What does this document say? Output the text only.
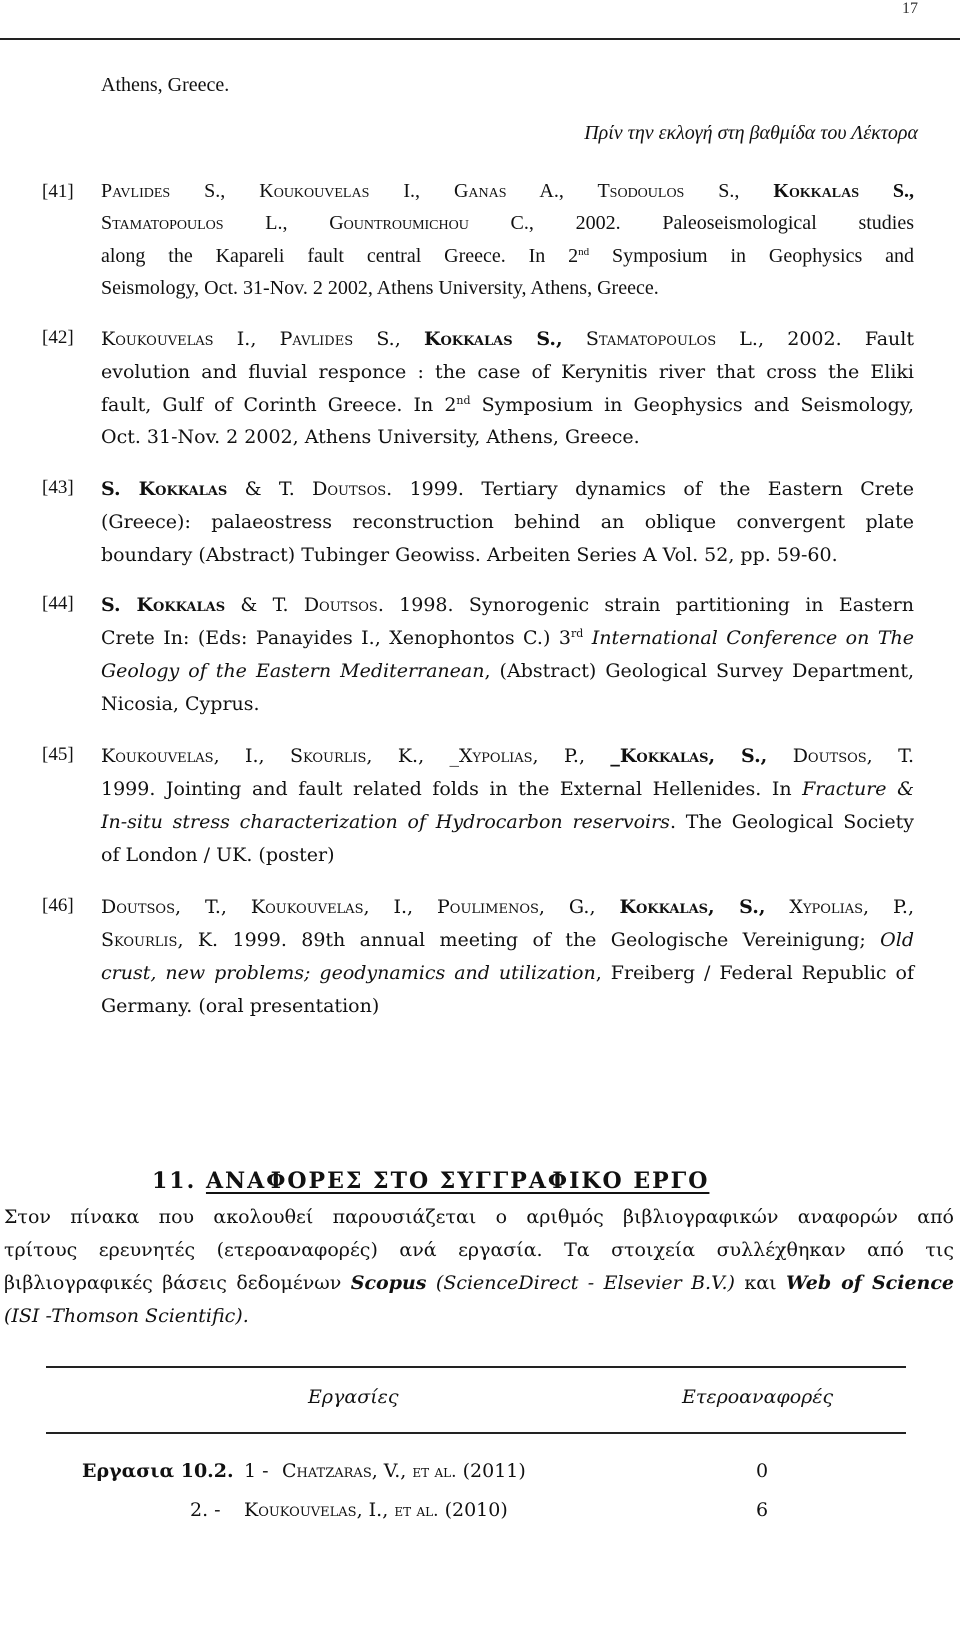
17
Athens, Greece.
Πρίν την εκλογή στη βαθμίδα του Λέκτορα
[41] Pavlides S., Koukouvelas I., Ganas A., Tsodoulos S., Kokkalas S.,
Stamatopoulos L., Gountroumichou C., 2002. Paleoseismological studies
along the Kapareli fault central Greece. In 2nd Symposium in Geophysics and
Seismology, Oct. 31-Nov. 2 2002, Athens University, Athens, Greece.
[42] Koukouvelas I., Pavlides S., Kokkalas S., Stamatopoulos L., 2002. Fault
evolution and fluvial responce : the case of Kerynitis river that cross the Eliki
fault, Gulf of Corinth Greece. In 2nd Symposium in Geophysics and Seismology,
Oct. 31-Nov. 2 2002, Athens University, Athens, Greece.
[43] S. Kokkalas & T. Doutsos. 1999. Tertiary dynamics of the Eastern Crete
(Greece): palaeostress reconstruction behind an oblique convergent plate
boundary (Abstract) Tubinger Geowiss. Arbeiten Series A Vol. 52, pp. 59-60.
[44] S. Kokkalas & T. Doutsos. 1998. Synorogenic strain partitioning in Eastern
Crete In: (Eds: Panayides I., Xenophontos C.) 3rd International Conference on The
Geology of the Eastern Mediterranean, (Abstract) Geological Survey Department,
Nicosia, Cyprus.
[45] Koukouvelas, I., Skourlis, K., _Xypolias, P., _Kokkalas, S., Doutsos, T.
1999. Jointing and fault related folds in the External Hellenides. In Fracture &
In-situ stress characterization of Hydrocarbon reservoirs. The Geological Society
of London / UK. (poster)
[46] Doutsos, T., Koukouvelas, I., Poulimenos, G., Kokkalas, S., Xypolias, P.,
Skourlis, K. 1999. 89th annual meeting of the Geologische Vereinigung; Old
crust, new problems; geodynamics and utilization, Freiberg / Federal Republic of
Germany. (oral presentation)
11. ΑΝΑΦΟΡΕΣ ΣΤΟ ΣΥΓΓΡΑΦΙΚΟ ΕΡΓΟ
Στον πίνακα που ακολουθεί παρουσιάζεται ο αριθμός βιβλιογραφικών αναφορών από
τρίτους ερευνητές (ετεροαναφορές) ανά εργασία. Τα στοιχεία συλλέχθηκαν από τις
βιβλιογραφικές βάσεις δεδομένων Scopus (ScienceDirect - Elsevier B.V.) και Web of Science
(ISI -Thomson Scientific).
Εργασίες	Ετεροαναφορές
Εργασια 10.2. 1 - Chatzaras, V., et al. (2011)	0
2. - Koukouvelas, I., et al. (2010)	6
